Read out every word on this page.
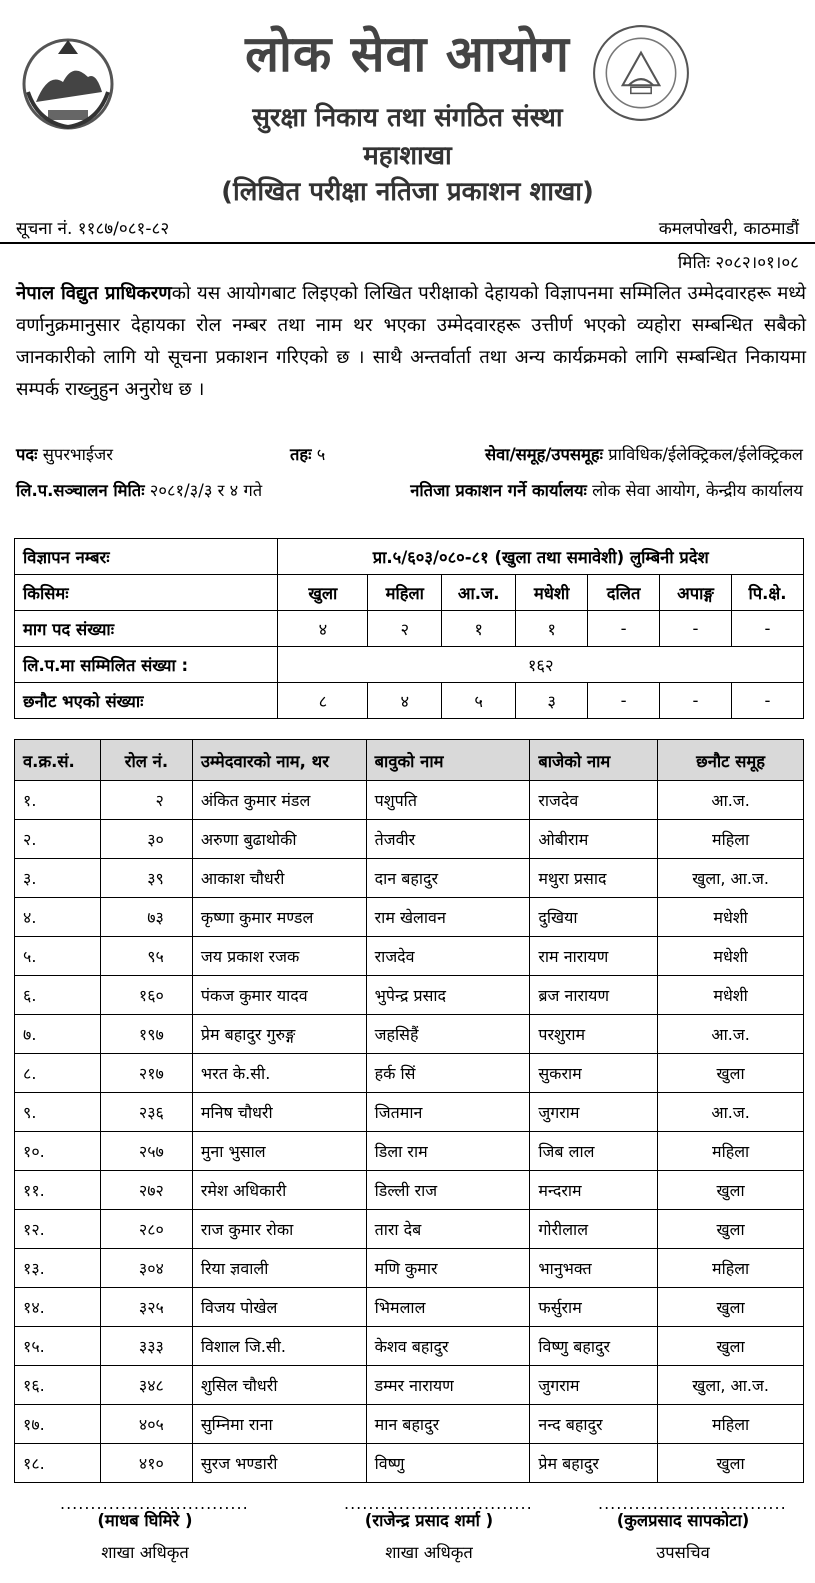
लोक सेवा आयोग
सुरक्षा निकाय तथा संगठित संस्था
महाशाखा
(लिखित परीक्षा नतिजा प्रकाशन शाखा)
सूचना नं. ११८७/०८१-८२	कमलपोखरी, काठमाडौं
मितिः २०८२।०१।०८
नेपाल विद्युत प्राधिकरणको यस आयोगबाट लिइएको लिखित परीक्षाको देहायको विज्ञापनमा सम्मिलित उम्मेदवारहरू मध्ये वर्णानुक्रमानुसार देहायका रोल नम्बर तथा नाम थर भएका उम्मेदवारहरू उत्तीर्ण भएको व्यहोरा सम्बन्धित सबैको जानकारीको लागि यो सूचना प्रकाशन गरिएको छ । साथै अन्तर्वार्ता तथा अन्य कार्यक्रमको लागि सम्बन्धित निकायमा सम्पर्क राख्नुहुन अनुरोध छ ।
पदः सुपरभाईजर	तहः ५	सेवा/समूह/उपसमूहः प्राविधिक/ईलेक्ट्रिकल/ईलेक्ट्रिकल
लि.प.सञ्चालन मितिः २०८१/३/३ र ४ गते	नतिजा प्रकाशन गर्ने कार्यालयः लोक सेवा आयोग, केन्द्रीय कार्यालय
विज्ञापन नम्बरः	प्रा.५/६०३/०८०-८१ (खुला तथा समावेशी) लुम्बिनी प्रदेश						
किसिमः	खुला	महिला	आ.ज.	मधेशी	दलित	अपाङ्ग	पि.क्षे.
माग पद संख्याः	४	२	१	१	-	-	-
लि.प.मा सम्मिलित संख्या :	१६२						
छनौट भएको संख्याः	८	४	५	३	-	-	-
व.क्र.सं.	रोल नं.	उम्मेदवारको नाम, थर	बावुको नाम	बाजेको नाम	छनौट समूह
१.	२	अंकित कुमार मंडल	पशुपति	राजदेव	आ.ज.
२.	३०	अरुणा बुढाथोकी	तेजवीर	ओबीराम	महिला
३.	३९	आकाश चौधरी	दान बहादुर	मथुरा प्रसाद	खुला, आ.ज.
४.	७३	कृष्णा कुमार मण्डल	राम खेलावन	दुखिया	मधेशी
५.	९५	जय प्रकाश रजक	राजदेव	राम नारायण	मधेशी
६.	१६०	पंकज कुमार यादव	भुपेन्द्र प्रसाद	ब्रज नारायण	मधेशी
७.	१९७	प्रेम बहादुर गुरुङ्ग	जहसिहैं	परशुराम	आ.ज.
८.	२१७	भरत के.सी.	हर्क सिं	सुकराम	खुला
९.	२३६	मनिष चौधरी	जितमान	जुगराम	आ.ज.
१०.	२५७	मुना भुसाल	डिला राम	जिब लाल	महिला
११.	२७२	रमेश अधिकारी	डिल्ली राज	मन्दराम	खुला
१२.	२८०	राज कुमार रोका	तारा देब	गोरीलाल	खुला
१३.	३०४	रिया ज्ञवाली	मणि कुमार	भानुभक्त	महिला
१४.	३२५	विजय पोखेल	भिमलाल	फर्सुराम	खुला
१५.	३३३	विशाल जि.सी.	केशव बहादुर	विष्णु बहादुर	खुला
१६.	३४८	शुसिल चौधरी	डम्मर नारायण	जुगराम	खुला, आ.ज.
१७.	४०५	सुम्निमा राना	मान बहादुर	नन्द बहादुर	महिला
१८.	४१०	सुरज भण्डारी	विष्णु	प्रेम बहादुर	खुला
...............................
(माधब घिमिरे )
शाखा अधिकृत
...............................
(राजेन्द्र प्रसाद शर्मा )
शाखा अधिकृत
...............................
(कुलप्रसाद सापकोटा)
उपसचिव
